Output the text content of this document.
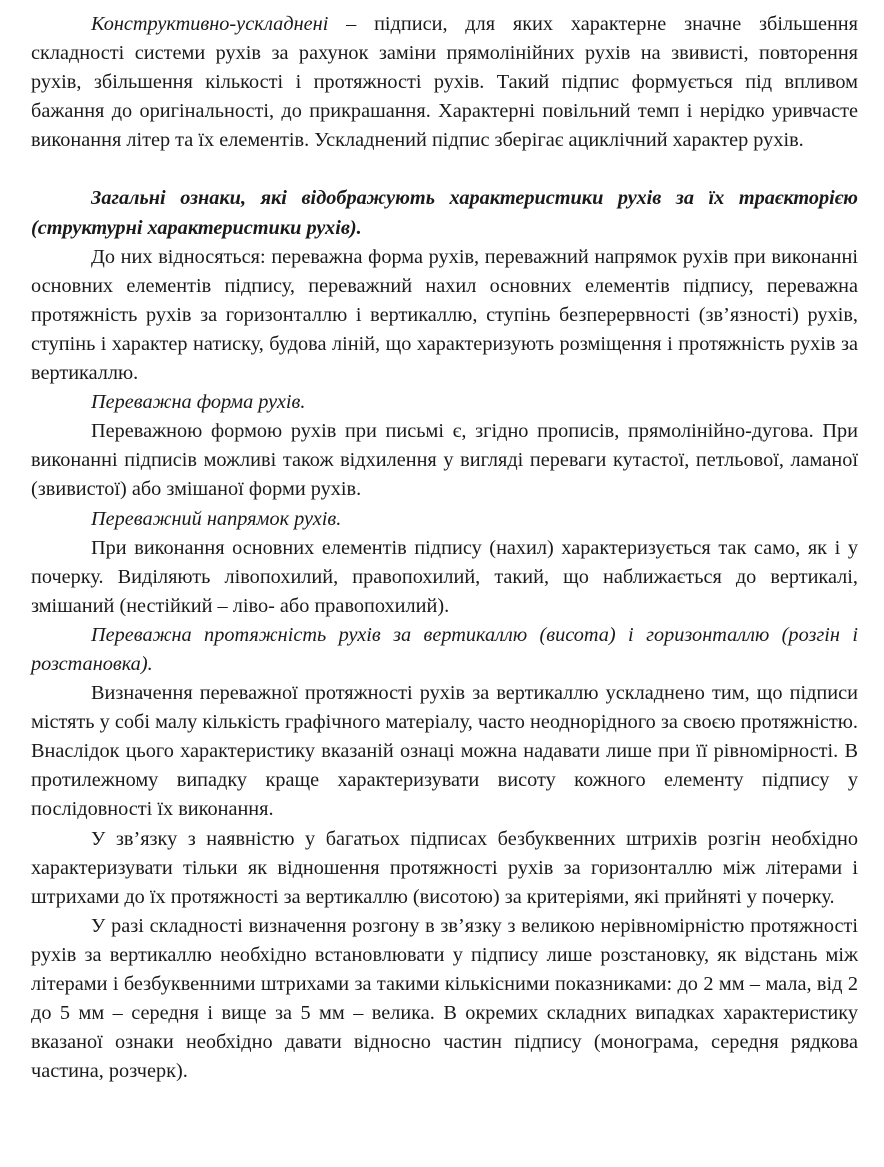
Конструктивно-ускладнені – підписи, для яких характерне значне збільшення складності системи рухів за рахунок заміни прямолінійних рухів на звивисті, повторення рухів, збільшення кількості і протяжності рухів. Такий підпис формується під впливом бажання до оригінальності, до прикрашання. Характерні повільний темп і нерідко уривчасте виконання літер та їх елементів. Ускладнений підпис зберігає ациклічний характер рухів.

Загальні ознаки, які відображують характеристики рухів за їх траєкторією (структурні характеристики рухів).

До них відносяться: переважна форма рухів, переважний напрямок рухів при виконанні основних елементів підпису, переважний нахил основних елементів підпису, переважна протяжність рухів за горизонталлю і вертикаллю, ступінь безперервності (зв’язності) рухів, ступінь і характер натиску, будова ліній, що характеризують розміщення і протяжність рухів за вертикаллю.

Переважна форма рухів.

Переважною формою рухів при письмі є, згідно прописів, прямолінійно-дугова. При виконанні підписів можливі також відхилення у вигляді переваги кутастої, петльової, ламаної (звивистої) або змішаної форми рухів.

Переважний напрямок рухів.

При виконання основних елементів підпису (нахил) характеризується так само, як і у почерку. Виділяють лівопохилий, правопохилий, такий, що наближається до вертикалі, змішаний (нестійкий – ліво- або правопохилий).

Переважна протяжність рухів за вертикаллю (висота) і горизонталлю (розгін і розстановка).

Визначення переважної протяжності рухів за вертикаллю ускладнено тим, що підписи містять у собі малу кількість графічного матеріалу, часто неоднорідного за своєю протяжністю. Внаслідок цього характеристику вказаній ознаці можна надавати лише при її рівномірності. В протилежному випадку краще характеризувати висоту кожного елементу підпису у послідовності їх виконання.

У зв’язку з наявністю у багатьох підписах безбуквенних штрихів розгін необхідно характеризувати тільки як відношення протяжності рухів за горизонталлю між літерами і штрихами до їх протяжності за вертикаллю (висотою) за критеріями, які прийняті у почерку.

У разі складності визначення розгону в зв’язку з великою нерівномірністю протяжності рухів за вертикаллю необхідно встановлювати у підпису лише розстановку, як відстань між літерами і безбуквенними штрихами за такими кількісними показниками: до 2 мм – мала, від 2 до 5 мм – середня і вище за 5 мм – велика. В окремих складних випадках характеристику вказаної ознаки необхідно давати відносно частин підпису (монограма, середня рядкова частина, розчерк).
